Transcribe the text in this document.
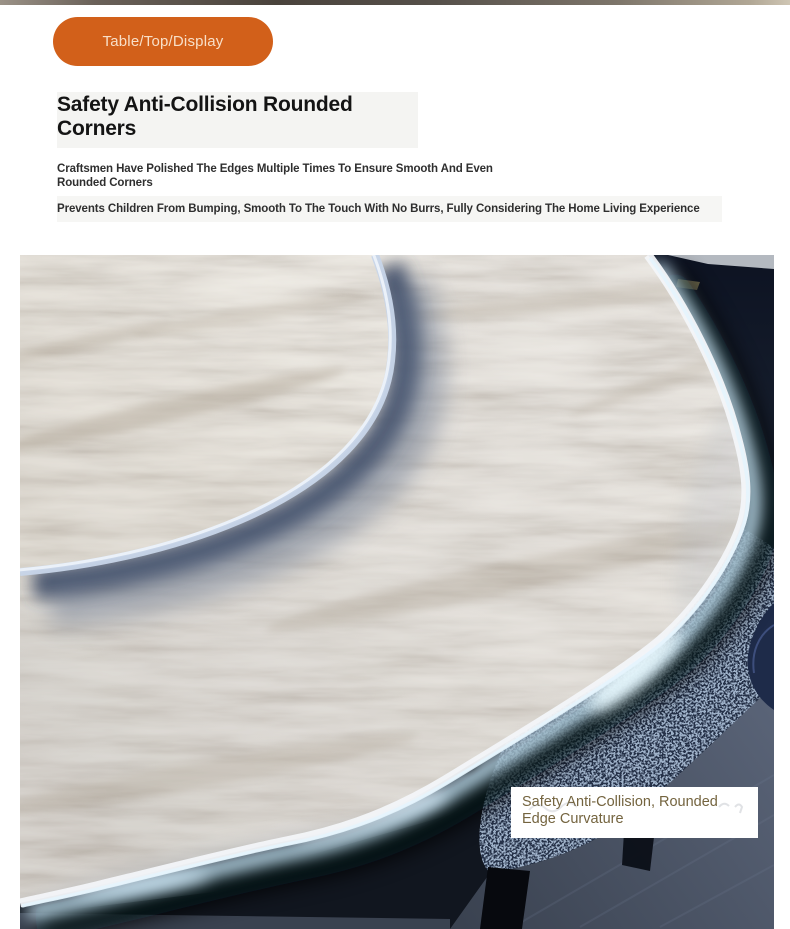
Table/Top/Display
Safety Anti-Collision Rounded Corners
Craftsmen Have Polished The Edges Multiple Times To Ensure Smooth And Even Rounded Corners
Prevents Children From Bumping, Smooth To The Touch With No Burrs, Fully Considering The Home Living Experience
Safety Anti-Collision, Rounded
Edge Curvature
